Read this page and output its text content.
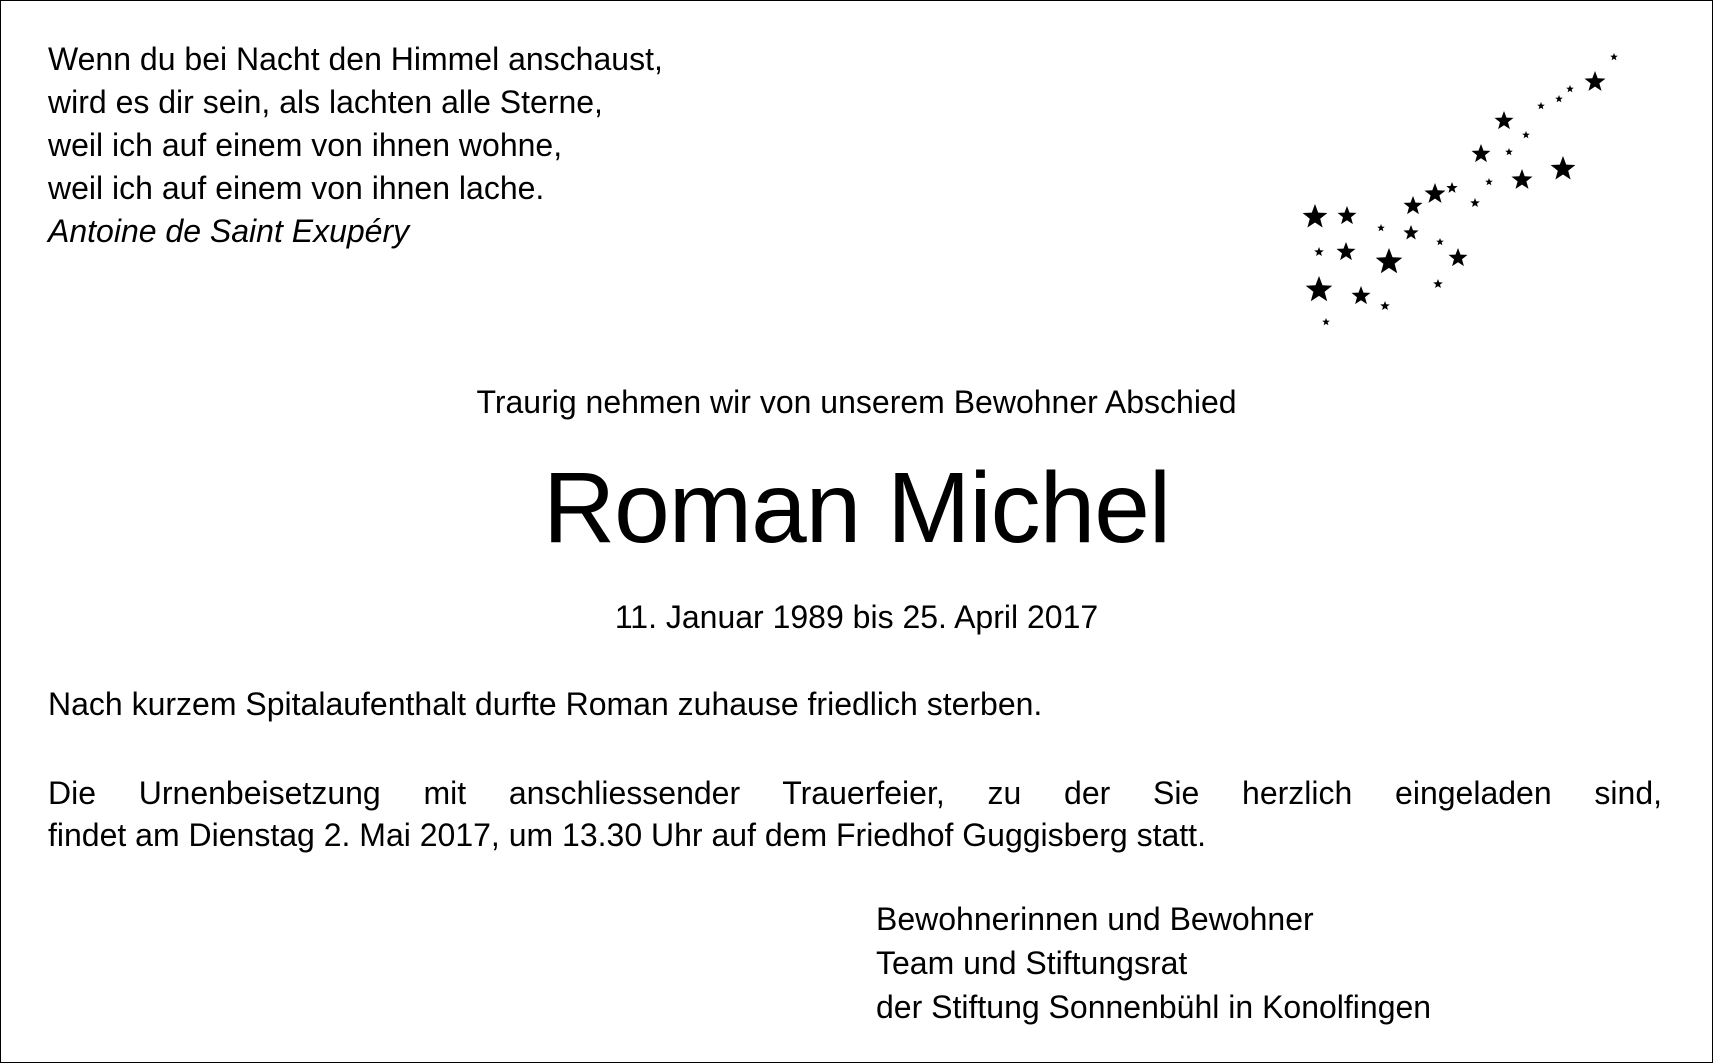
Wenn du bei Nacht den Himmel anschaust,
wird es dir sein, als lachten alle Sterne,
weil ich auf einem von ihnen wohne,
weil ich auf einem von ihnen lache.
Antoine de Saint Exupéry
Traurig nehmen wir von unserem Bewohner Abschied
Roman Michel
11. Januar 1989 bis 25. April 2017
Nach kurzem Spitalaufenthalt durfte Roman zuhause friedlich sterben.
Die Urnenbeisetzung mit anschliessender Trauerfeier, zu der Sie herzlich eingeladen sind,
findet am Dienstag 2. Mai 2017, um 13.30 Uhr auf dem Friedhof Guggisberg statt.
Bewohnerinnen und Bewohner
Team und Stiftungsrat
der Stiftung Sonnenbühl in Konolfingen
